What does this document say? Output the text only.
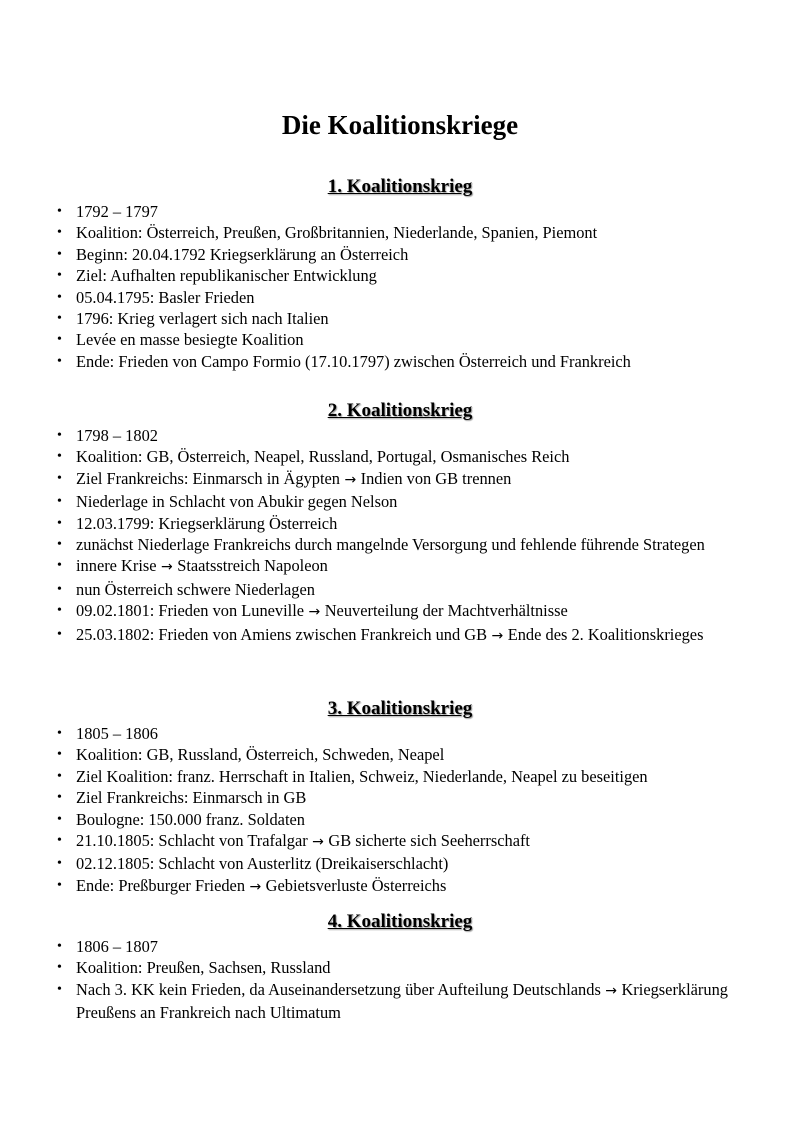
Die Koalitionskriege
1. Koalitionskrieg
• 1792 – 1797
• Koalition: Österreich, Preußen, Großbritannien, Niederlande, Spanien, Piemont
• Beginn: 20.04.1792 Kriegserklärung an Österreich
• Ziel: Aufhalten republikanischer Entwicklung
• 05.04.1795: Basler Frieden
• 1796: Krieg verlagert sich nach Italien
• Levée en masse besiegte Koalition
• Ende: Frieden von Campo Formio (17.10.1797) zwischen Österreich und Frankreich
2. Koalitionskrieg
• 1798 – 1802
• Koalition: GB, Österreich, Neapel, Russland, Portugal, Osmanisches Reich
• Ziel Frankreichs: Einmarsch in Ägypten → Indien von GB trennen
• Niederlage in Schlacht von Abukir gegen Nelson
• 12.03.1799: Kriegserklärung Österreich
• zunächst Niederlage Frankreichs durch mangelnde Versorgung und fehlende führende Strategen
• innere Krise → Staatsstreich Napoleon
• nun Österreich schwere Niederlagen
• 09.02.1801: Frieden von Luneville → Neuverteilung der Machtverhältnisse
• 25.03.1802: Frieden von Amiens zwischen Frankreich und GB → Ende des 2. Koalitionskrieges
3. Koalitionskrieg
• 1805 – 1806
• Koalition: GB, Russland, Österreich, Schweden, Neapel
• Ziel Koalition: franz. Herrschaft in Italien, Schweiz, Niederlande, Neapel zu beseitigen
• Ziel Frankreichs: Einmarsch in GB
• Boulogne: 150.000 franz. Soldaten
• 21.10.1805: Schlacht von Trafalgar → GB sicherte sich Seeherrschaft
• 02.12.1805: Schlacht von Austerlitz (Dreikaiserschlacht)
• Ende: Preßburger Frieden → Gebietsverluste Österreichs
4. Koalitionskrieg
• 1806 – 1807
• Koalition: Preußen, Sachsen, Russland
• Nach 3. KK kein Frieden, da Auseinandersetzung über Aufteilung Deutschlands → Kriegserklärung Preußens an Frankreich nach Ultimatum
